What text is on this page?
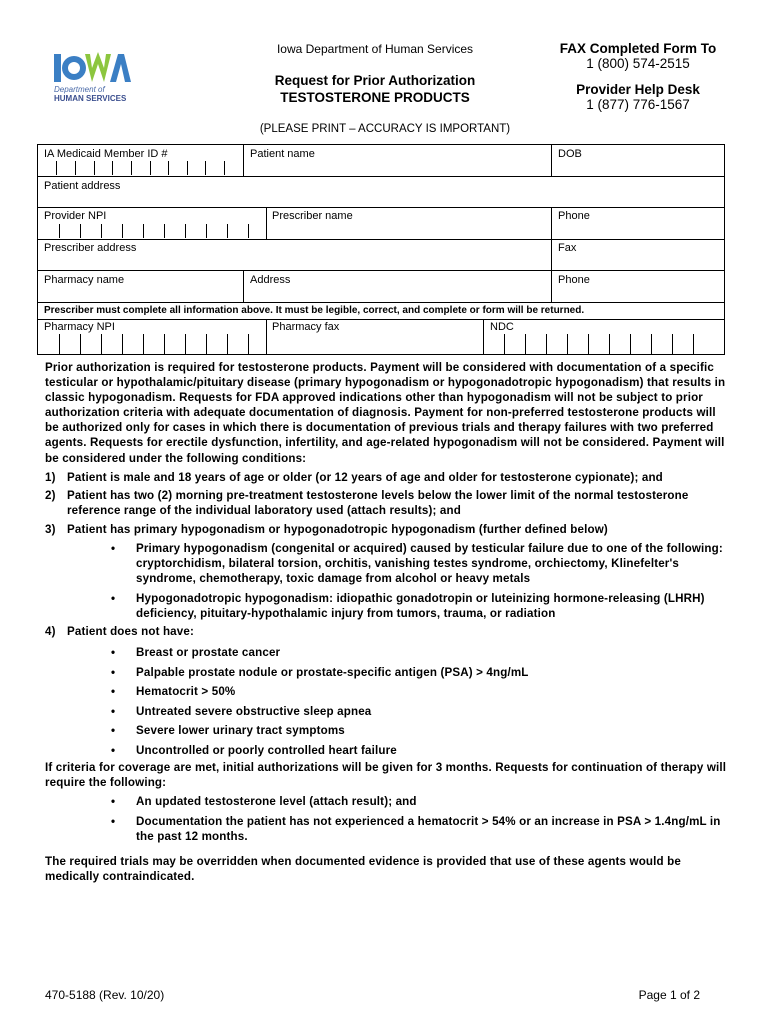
Department of
HUMAN SERVICES
Iowa Department of Human Services
Request for Prior Authorization
TESTOSTERONE PRODUCTS
FAX Completed Form To
1 (800) 574-2515
Provider Help Desk
1 (877) 776-1567
(PLEASE PRINT – ACCURACY IS IMPORTANT)
IA Medicaid Member ID #	Patient name	DOB
Patient address
Provider NPI	Prescriber name	Phone
Prescriber address	Fax
Pharmacy name	Address	Phone
Prescriber must complete all information above. It must be legible, correct, and complete or form will be returned.
Pharmacy NPI	Pharmacy fax	NDC

Prior authorization is required for testosterone products. Payment will be considered with documentation of a specific testicular or hypothalamic/pituitary disease (primary hypogonadism or hypogonadotropic hypogonadism) that results in classic hypogonadism. Requests for FDA approved indications other than hypogonadism will not be subject to prior authorization criteria with adequate documentation of diagnosis. Payment for non-preferred testosterone products will be authorized only for cases in which there is documentation of previous trials and therapy failures with two preferred agents. Requests for erectile dysfunction, infertility, and age-related hypogonadism will not be considered. Payment will be considered under the following conditions:

1) Patient is male and 18 years of age or older (or 12 years of age and older for testosterone cypionate); and
2) Patient has two (2) morning pre-treatment testosterone levels below the lower limit of the normal testosterone reference range of the individual laboratory used (attach results); and
3) Patient has primary hypogonadism or hypogonadotropic hypogonadism (further defined below)
•	Primary hypogonadism (congenital or acquired) caused by testicular failure due to one of the following: cryptorchidism, bilateral torsion, orchitis, vanishing testes syndrome, orchiectomy, Klinefelter's syndrome, chemotherapy, toxic damage from alcohol or heavy metals
•	Hypogonadotropic hypogonadism: idiopathic gonadotropin or luteinizing hormone-releasing (LHRH) deficiency, pituitary-hypothalamic injury from tumors, trauma, or radiation
4) Patient does not have:
•	Breast or prostate cancer
•	Palpable prostate nodule or prostate-specific antigen (PSA) > 4ng/mL
•	Hematocrit > 50%
•	Untreated severe obstructive sleep apnea
•	Severe lower urinary tract symptoms
•	Uncontrolled or poorly controlled heart failure

If criteria for coverage are met, initial authorizations will be given for 3 months. Requests for continuation of therapy will require the following:

•	An updated testosterone level (attach result); and
•	Documentation the patient has not experienced a hematocrit > 54% or an increase in PSA > 1.4ng/mL in the past 12 months.

The required trials may be overridden when documented evidence is provided that use of these agents would be medically contraindicated.

470-5188 (Rev. 10/20)	Page 1 of 2
